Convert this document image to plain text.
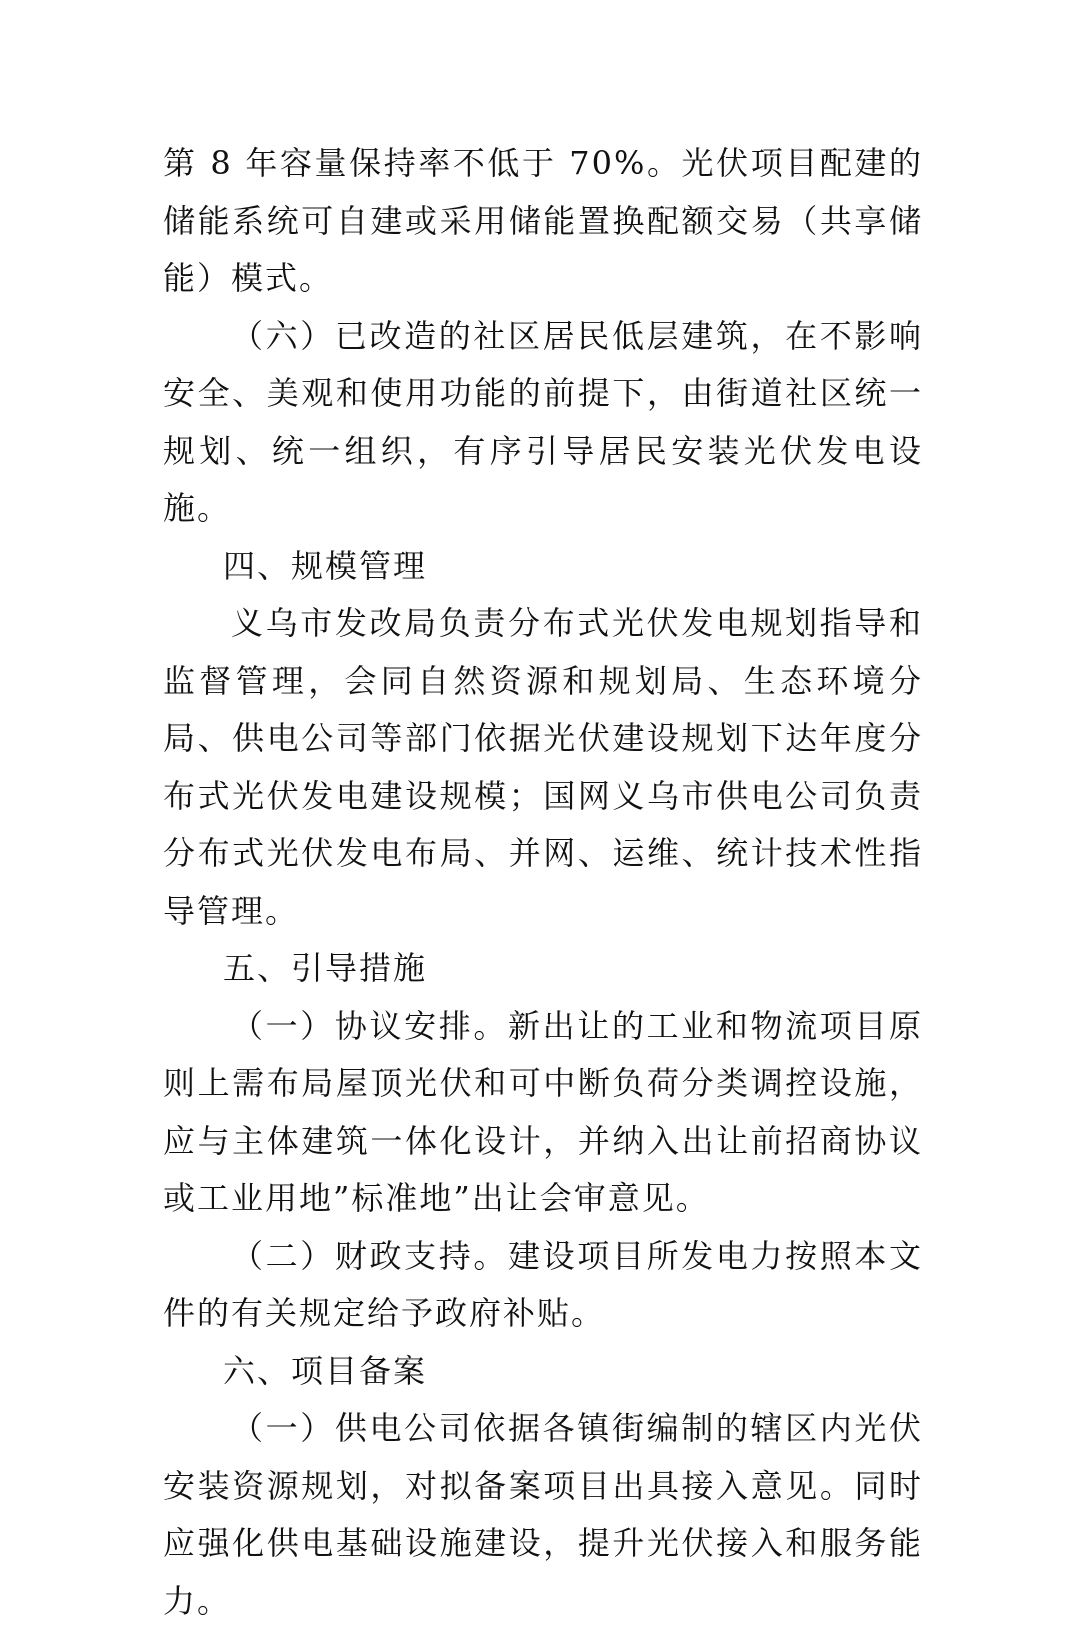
第 8 年容量保持率不低于 70%。光伏项目配建的储能系统可自建或采用储能置换配额交易（共享储能）模式。

（六）已改造的社区居民低层建筑，在不影响安全、美观和使用功能的前提下，由街道社区统一规划、统一组织，有序引导居民安装光伏发电设施。

四、规模管理

义乌市发改局负责分布式光伏发电规划指导和监督管理，会同自然资源和规划局、生态环境分局、供电公司等部门依据光伏建设规划下达年度分布式光伏发电建设规模；国网义乌市供电公司负责分布式光伏发电布局、并网、运维、统计技术性指导管理。

五、引导措施

（一）协议安排。新出让的工业和物流项目原则上需布局屋顶光伏和可中断负荷分类调控设施，应与主体建筑一体化设计，并纳入出让前招商协议或工业用地”标准地”出让会审意见。

（二）财政支持。建设项目所发电力按照本文件的有关规定给予政府补贴。

六、项目备案

（一）供电公司依据各镇街编制的辖区内光伏安装资源规划，对拟备案项目出具接入意见。同时应强化供电基础设施建设，提升光伏接入和服务能力。
